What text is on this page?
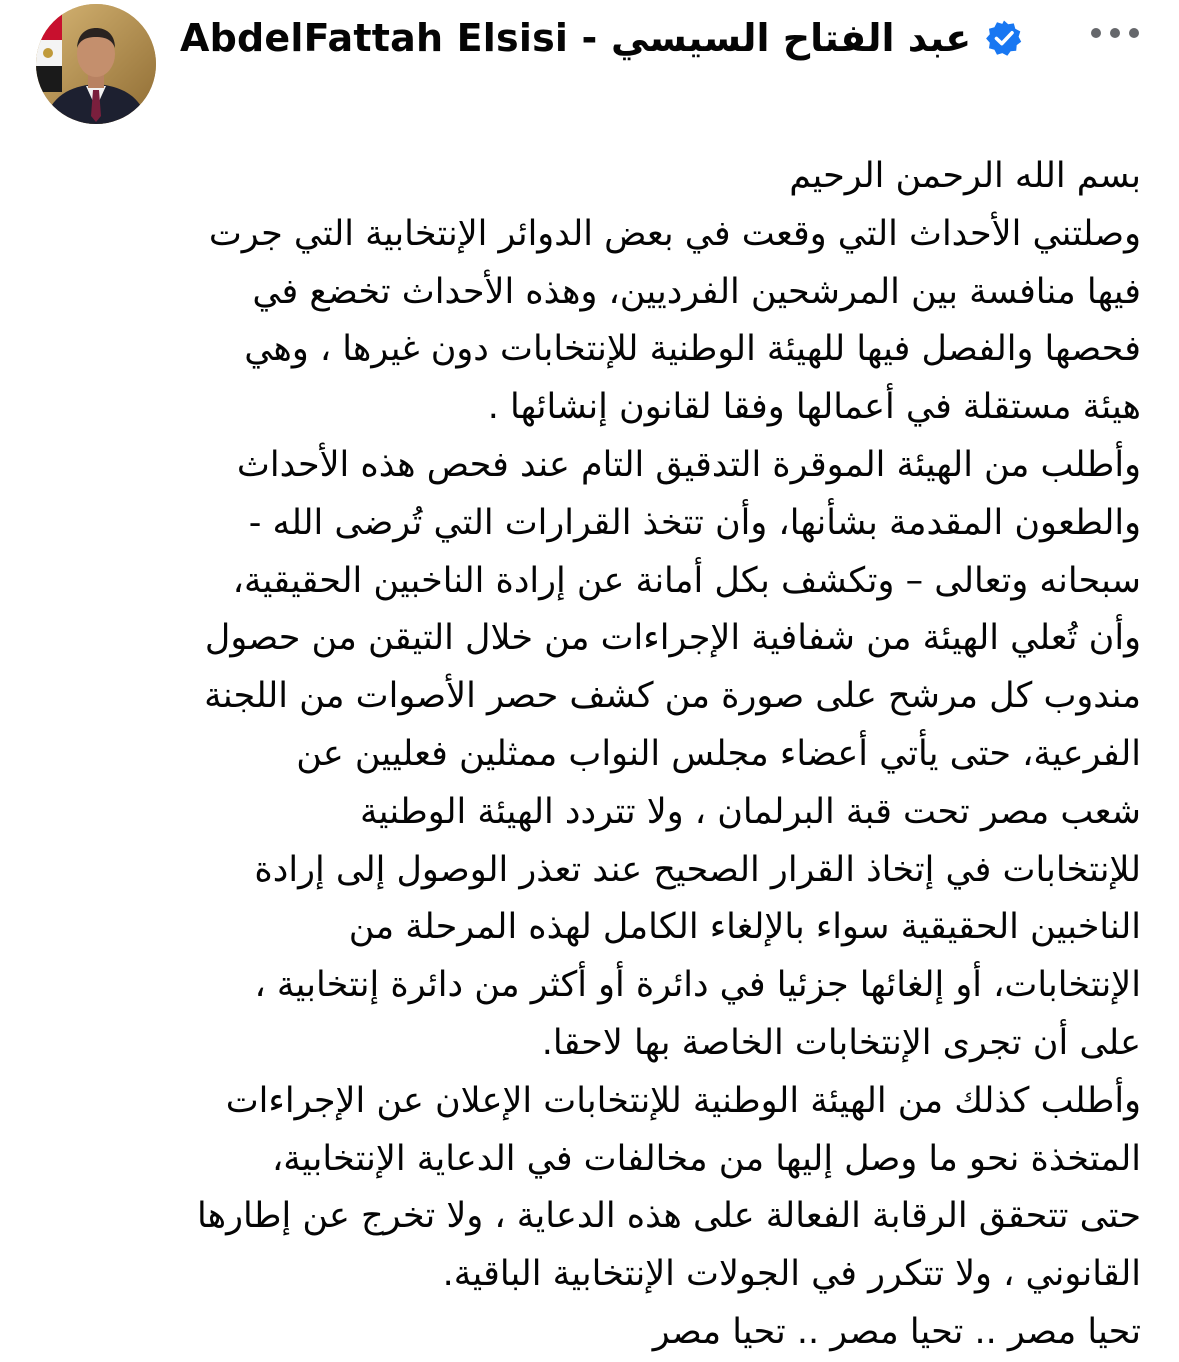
AbdelFattah Elsisi - عبد الفتاح السيسي
بسم الله الرحمن الرحيم
وصلتني الأحداث التي وقعت في بعض الدوائر الإنتخابية التي جرت
فيها منافسة بين المرشحين الفرديين، وهذه الأحداث تخضع في
فحصها والفصل فيها للهيئة الوطنية للإنتخابات دون غيرها ، وهي
هيئة مستقلة في أعمالها وفقا لقانون إنشائها .
وأطلب من الهيئة الموقرة التدقيق التام عند فحص هذه الأحداث
والطعون المقدمة بشأنها، وأن تتخذ القرارات التي تُرضى الله -
سبحانه وتعالى – وتكشف بكل أمانة عن إرادة الناخبين الحقيقية،
وأن تُعلي الهيئة من شفافية الإجراءات من خلال التيقن من حصول
مندوب كل مرشح على صورة من كشف حصر الأصوات من اللجنة
الفرعية، حتى يأتي أعضاء مجلس النواب ممثلين فعليين عن
شعب مصر تحت قبة البرلمان ، ولا تتردد الهيئة الوطنية
للإنتخابات في إتخاذ القرار الصحيح عند تعذر الوصول إلى إرادة
الناخبين الحقيقية سواء بالإلغاء الكامل لهذه المرحلة من
الإنتخابات، أو إلغائها جزئيا في دائرة أو أكثر من دائرة إنتخابية ،
على أن تجرى الإنتخابات الخاصة بها لاحقا.
وأطلب كذلك من الهيئة الوطنية للإنتخابات الإعلان عن الإجراءات
المتخذة نحو ما وصل إليها من مخالفات في الدعاية الإنتخابية،
حتى تتحقق الرقابة الفعالة على هذه الدعاية ، ولا تخرج عن إطارها
القانوني ، ولا تتكرر في الجولات الإنتخابية الباقية.
تحيا مصر .. تحيا مصر .. تحيا مصر
